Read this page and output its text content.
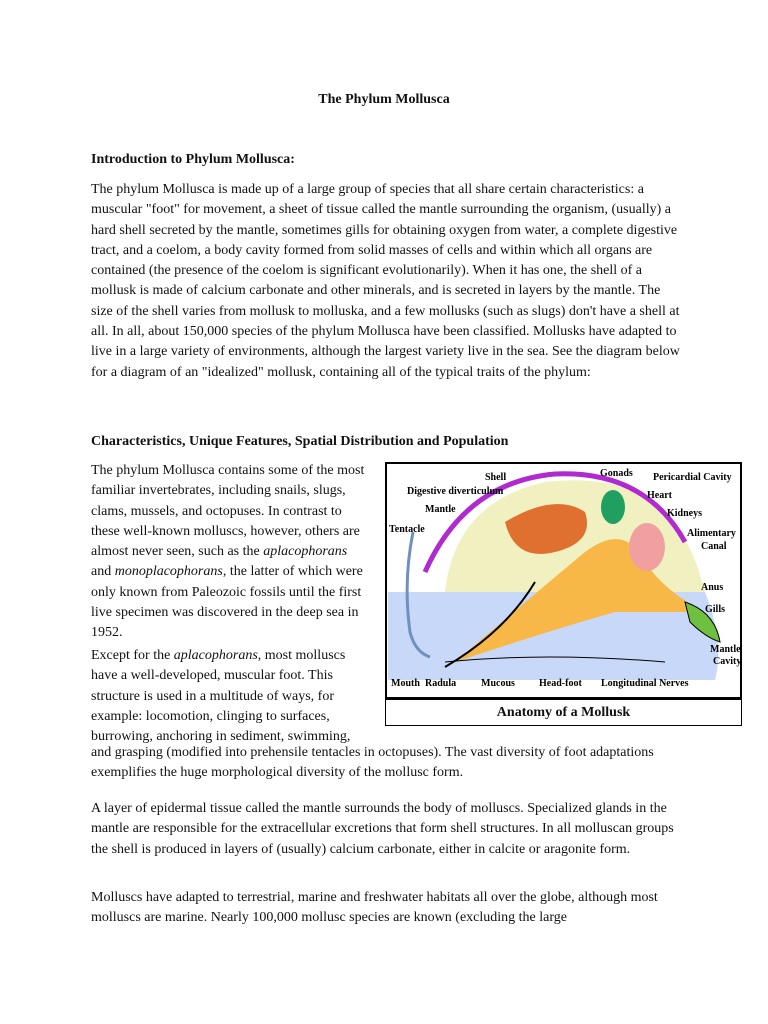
The Phylum Mollusca
Introduction to Phylum Mollusca:

The phylum Mollusca is made up of a large group of species that all share certain characteristics: a muscular "foot" for movement, a sheet of tissue called the mantle surrounding the organism, (usually) a hard shell secreted by the mantle, sometimes gills for obtaining oxygen from water, a complete digestive tract, and a coelom, a body cavity formed from solid masses of cells and within which all organs are contained (the presence of the coelom is significant evolutionarily). When it has one, the shell of a mollusk is made of calcium carbonate and other minerals, and is secreted in layers by the mantle. The size of the shell varies from mollusk to molluska, and a few mollusks (such as slugs) don't have a shell at all. In all, about 150,000 species of the phylum Mollusca have been classified. Mollusks have adapted to live in a large variety of environments, although the largest variety live in the sea. See the diagram below for a diagram of an "idealized" mollusk, containing all of the typical traits of the phylum:

Characteristics, Unique Features, Spatial Distribution and Population

The phylum Mollusca contains some of the most familiar invertebrates, including snails, slugs, clams, mussels, and octopuses. In contrast to these well-known molluscs, however, others are almost never seen, such as the aplacophorans and monoplacophorans, the latter of which were only known from Paleozoic fossils until the first live specimen was discovered in the deep sea in 1952.

Except for the aplacophorans, most molluscs have a well-developed, muscular foot. This structure is used in a multitude of ways, for example: locomotion, clinging to surfaces, burrowing, anchoring in sediment, swimming,

and grasping (modified into prehensile tentacles in octopuses). The vast diversity of foot adaptations exemplifies the huge morphological diversity of the mollusc form.

A layer of epidermal tissue called the mantle surrounds the body of molluscs. Specialized glands in the mantle are responsible for the extracellular excretions that form shell structures. In all molluscan groups the shell is produced in layers of (usually) calcium carbonate, either in calcite or aragonite form.

Molluscs have adapted to terrestrial, marine and freshwater habitats all over the globe, although most molluscs are marine. Nearly 100,000 mollusc species are known (excluding the large

Shell	Gonads Pericardial Cavity
Digestive diverticulum	Heart
Mantle	Kidneys
Tentacle	Alimentary
Canal
Anus
Gills
Mantle
Cavity
Mouth Radula Mucous Head-foot Longitudinal Nerves
Anatomy of a Mollusk
